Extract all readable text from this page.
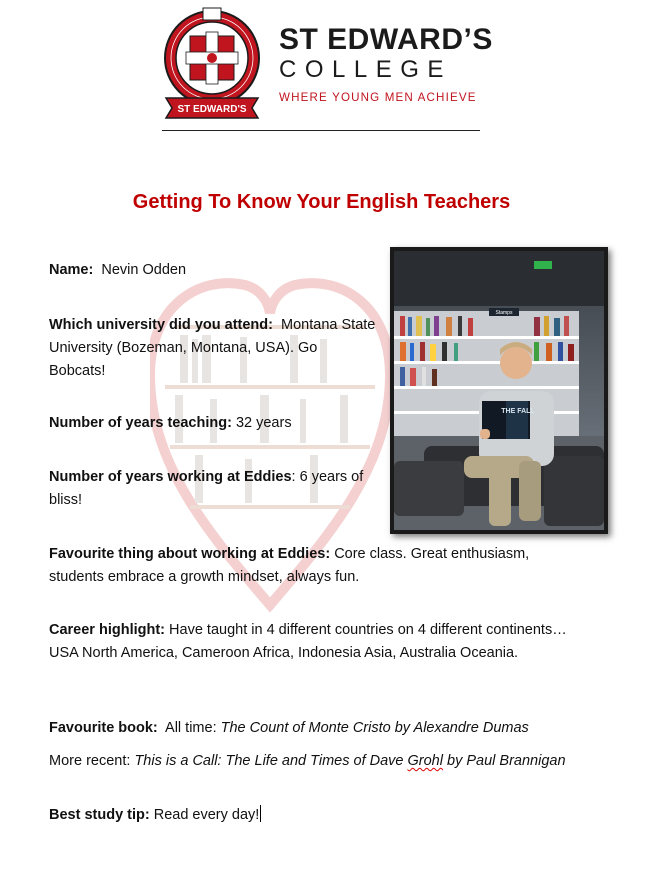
ST EDWARD'S
ST EDWARD’S
COLLEGE
WHERE YOUNG MEN ACHIEVE
Getting To Know Your English Teachers
Name: Nevin Odden
Which university did you attend: Montana State University (Bozeman, Montana, USA). Go Bobcats!
Number of years teaching: 32 years
Number of years working at Eddies: 6 years of bliss!
Favourite thing about working at Eddies: Core class. Great enthusiasm, students embrace a growth mindset, always fun.
Career highlight: Have taught in 4 different countries on 4 different continents…USA North America, Cameroon Africa, Indonesia Asia, Australia Oceania.
Favourite book: All time: The Count of Monte Cristo by Alexandre Dumas
More recent: This is a Call: The Life and Times of Dave Grohl by Paul Brannigan
Best study tip: Read every day!
Stamps
THE FALL
